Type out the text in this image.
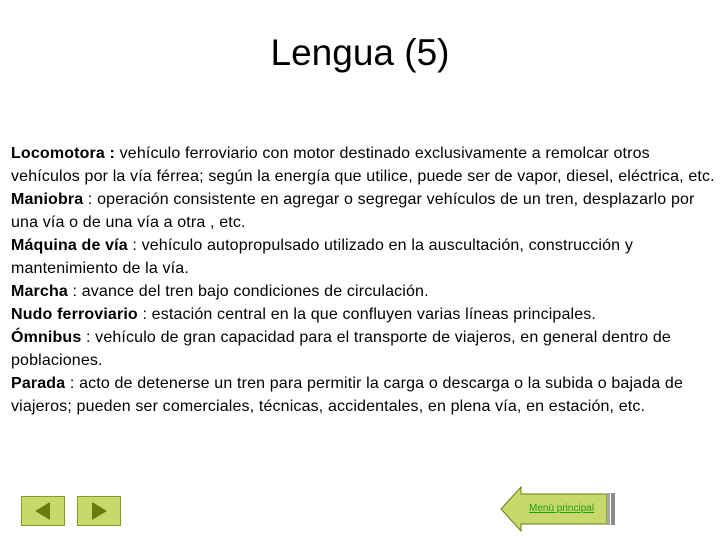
Lengua (5)

Locomotora : vehículo ferroviario con motor destinado exclusivamente a remolcar otros vehículos por la vía férrea; según la energía que utilice, puede ser de vapor, diesel, eléctrica, etc.

Maniobra : operación consistente en agregar o segregar vehículos de un tren, desplazarlo por una vía o de una vía a otra , etc.

Máquina de vía : vehículo autopropulsado utilizado en la auscultación, construcción y mantenimiento de la vía.

Marcha : avance del tren bajo condiciones de circulación.

Nudo ferroviario : estación central en la que confluyen varias líneas principales.

Ómnibus : vehículo de gran capacidad para el transporte de viajeros, en general dentro de poblaciones.

Parada : acto de detenerse un tren para permitir la carga o descarga o la subida o bajada de viajeros; pueden ser comerciales, técnicas, accidentales, en plena vía, en estación, etc.

Menú principal
